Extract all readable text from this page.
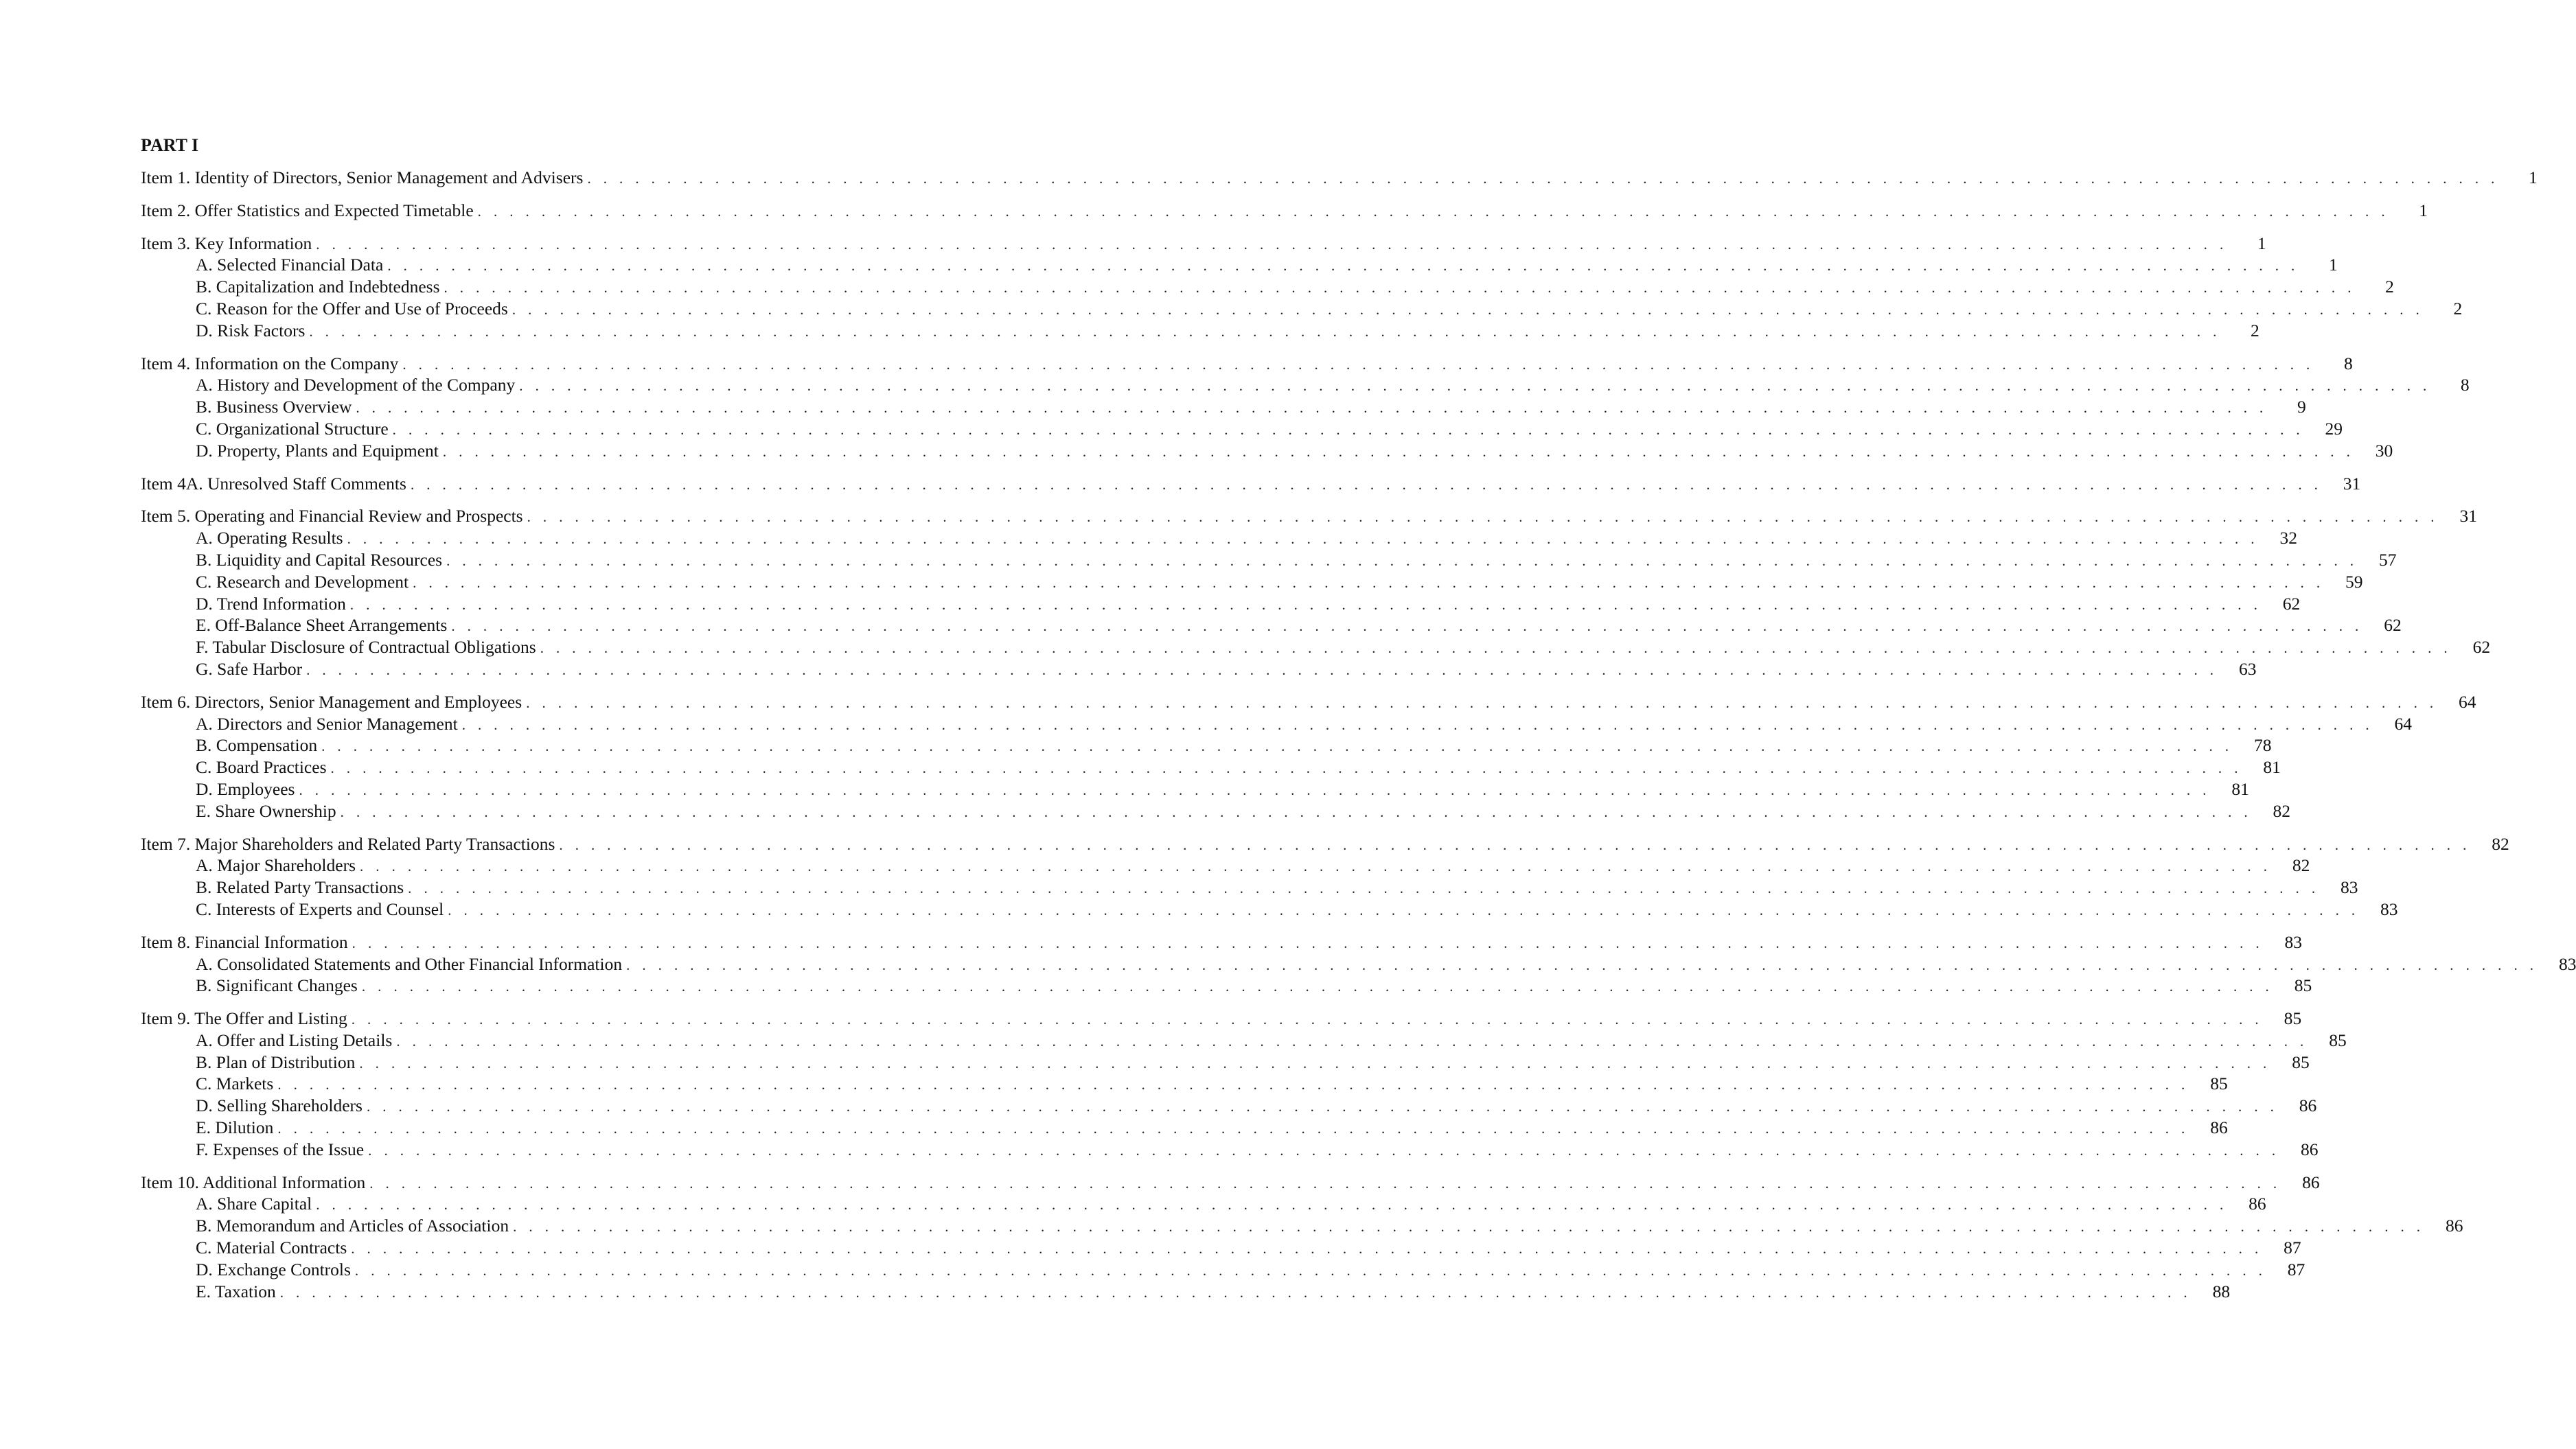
PART I
Item 1. Identity of Directors, Senior Management and Advisers . . . . . . . . . . . . . . . . . . . . . . . . . . . . . . . . . . . . . . . . . . . . . . . . . . . . . . . . . . . . . . . . . . . . . . . . . . . . . . . . . . . . . . . . . . . . . . . . . . . . . . . . . . . . . . . . . . . . . . . .	1
Item 2. Offer Statistics and Expected Timetable . . . . . . . . . . . . . . . . . . . . . . . . . . . . . . . . . . . . . . . . . . . . . . . . . . . . . . . . . . . . . . . . . . . . . . . . . . . . . . . . . . . . . . . . . . . . . . . . . . . . . . . . . . . . . . . . . . . . . . . .	1
Item 3. Key Information . . . . . . . . . . . . . . . . . . . . . . . . . . . . . . . . . . . . . . . . . . . . . . . . . . . . . . . . . . . . . . . . . . . . . . . . . . . . . . . . . . . . . . . . . . . . . . . . . . . . . . . . . . . . . . . . . . . . . . . .	1
A. Selected Financial Data . . . . . . . . . . . . . . . . . . . . . . . . . . . . . . . . . . . . . . . . . . . . . . . . . . . . . . . . . . . . . . . . . . . . . . . . . . . . . . . . . . . . . . . . . . . . . . . . . . . . . . . . . . . . . . . . . . . . . . . .	1
B. Capitalization and Indebtedness . . . . . . . . . . . . . . . . . . . . . . . . . . . . . . . . . . . . . . . . . . . . . . . . . . . . . . . . . . . . . . . . . . . . . . . . . . . . . . . . . . . . . . . . . . . . . . . . . . . . . . . . . . . . . . . . . . . . . . . .	2
C. Reason for the Offer and Use of Proceeds . . . . . . . . . . . . . . . . . . . . . . . . . . . . . . . . . . . . . . . . . . . . . . . . . . . . . . . . . . . . . . . . . . . . . . . . . . . . . . . . . . . . . . . . . . . . . . . . . . . . . . . . . . . . . . . . . . . . . . . .	2
D. Risk Factors . . . . . . . . . . . . . . . . . . . . . . . . . . . . . . . . . . . . . . . . . . . . . . . . . . . . . . . . . . . . . . . . . . . . . . . . . . . . . . . . . . . . . . . . . . . . . . . . . . . . . . . . . . . . . . . . . . . . . . . .	2
Item 4. Information on the Company . . . . . . . . . . . . . . . . . . . . . . . . . . . . . . . . . . . . . . . . . . . . . . . . . . . . . . . . . . . . . . . . . . . . . . . . . . . . . . . . . . . . . . . . . . . . . . . . . . . . . . . . . . . . . . . . . . . . . . . .	8
A. History and Development of the Company . . . . . . . . . . . . . . . . . . . . . . . . . . . . . . . . . . . . . . . . . . . . . . . . . . . . . . . . . . . . . . . . . . . . . . . . . . . . . . . . . . . . . . . . . . . . . . . . . . . . . . . . . . . . . . . . . . . . . . . .	8
B. Business Overview . . . . . . . . . . . . . . . . . . . . . . . . . . . . . . . . . . . . . . . . . . . . . . . . . . . . . . . . . . . . . . . . . . . . . . . . . . . . . . . . . . . . . . . . . . . . . . . . . . . . . . . . . . . . . . . . . . . . . . . .	9
C. Organizational Structure . . . . . . . . . . . . . . . . . . . . . . . . . . . . . . . . . . . . . . . . . . . . . . . . . . . . . . . . . . . . . . . . . . . . . . . . . . . . . . . . . . . . . . . . . . . . . . . . . . . . . . . . . . . . . . . . . . . . . . . .	29
D. Property, Plants and Equipment . . . . . . . . . . . . . . . . . . . . . . . . . . . . . . . . . . . . . . . . . . . . . . . . . . . . . . . . . . . . . . . . . . . . . . . . . . . . . . . . . . . . . . . . . . . . . . . . . . . . . . . . . . . . . . . . . . . . . . . .	30
Item 4A. Unresolved Staff Comments . . . . . . . . . . . . . . . . . . . . . . . . . . . . . . . . . . . . . . . . . . . . . . . . . . . . . . . . . . . . . . . . . . . . . . . . . . . . . . . . . . . . . . . . . . . . . . . . . . . . . . . . . . . . . . . . . . . . . . . .	31
Item 5. Operating and Financial Review and Prospects . . . . . . . . . . . . . . . . . . . . . . . . . . . . . . . . . . . . . . . . . . . . . . . . . . . . . . . . . . . . . . . . . . . . . . . . . . . . . . . . . . . . . . . . . . . . . . . . . . . . . . . . . . . . . . . . . . . . . . . .	31
A. Operating Results . . . . . . . . . . . . . . . . . . . . . . . . . . . . . . . . . . . . . . . . . . . . . . . . . . . . . . . . . . . . . . . . . . . . . . . . . . . . . . . . . . . . . . . . . . . . . . . . . . . . . . . . . . . . . . . . . . . . . . . .	32
B. Liquidity and Capital Resources . . . . . . . . . . . . . . . . . . . . . . . . . . . . . . . . . . . . . . . . . . . . . . . . . . . . . . . . . . . . . . . . . . . . . . . . . . . . . . . . . . . . . . . . . . . . . . . . . . . . . . . . . . . . . . . . . . . . . . . .	57
C. Research and Development . . . . . . . . . . . . . . . . . . . . . . . . . . . . . . . . . . . . . . . . . . . . . . . . . . . . . . . . . . . . . . . . . . . . . . . . . . . . . . . . . . . . . . . . . . . . . . . . . . . . . . . . . . . . . . . . . . . . . . . .	59
D. Trend Information . . . . . . . . . . . . . . . . . . . . . . . . . . . . . . . . . . . . . . . . . . . . . . . . . . . . . . . . . . . . . . . . . . . . . . . . . . . . . . . . . . . . . . . . . . . . . . . . . . . . . . . . . . . . . . . . . . . . . . . .	62
E. Off-Balance Sheet Arrangements . . . . . . . . . . . . . . . . . . . . . . . . . . . . . . . . . . . . . . . . . . . . . . . . . . . . . . . . . . . . . . . . . . . . . . . . . . . . . . . . . . . . . . . . . . . . . . . . . . . . . . . . . . . . . . . . . . . . . . . .	62
F. Tabular Disclosure of Contractual Obligations . . . . . . . . . . . . . . . . . . . . . . . . . . . . . . . . . . . . . . . . . . . . . . . . . . . . . . . . . . . . . . . . . . . . . . . . . . . . . . . . . . . . . . . . . . . . . . . . . . . . . . . . . . . . . . . . . . . . . . . .	62
G. Safe Harbor . . . . . . . . . . . . . . . . . . . . . . . . . . . . . . . . . . . . . . . . . . . . . . . . . . . . . . . . . . . . . . . . . . . . . . . . . . . . . . . . . . . . . . . . . . . . . . . . . . . . . . . . . . . . . . . . . . . . . . . .	63
Item 6. Directors, Senior Management and Employees . . . . . . . . . . . . . . . . . . . . . . . . . . . . . . . . . . . . . . . . . . . . . . . . . . . . . . . . . . . . . . . . . . . . . . . . . . . . . . . . . . . . . . . . . . . . . . . . . . . . . . . . . . . . . . . . . . . . . . . .	64
A. Directors and Senior Management . . . . . . . . . . . . . . . . . . . . . . . . . . . . . . . . . . . . . . . . . . . . . . . . . . . . . . . . . . . . . . . . . . . . . . . . . . . . . . . . . . . . . . . . . . . . . . . . . . . . . . . . . . . . . . . . . . . . . . . .	64
B. Compensation . . . . . . . . . . . . . . . . . . . . . . . . . . . . . . . . . . . . . . . . . . . . . . . . . . . . . . . . . . . . . . . . . . . . . . . . . . . . . . . . . . . . . . . . . . . . . . . . . . . . . . . . . . . . . . . . . . . . . . . .	78
C. Board Practices . . . . . . . . . . . . . . . . . . . . . . . . . . . . . . . . . . . . . . . . . . . . . . . . . . . . . . . . . . . . . . . . . . . . . . . . . . . . . . . . . . . . . . . . . . . . . . . . . . . . . . . . . . . . . . . . . . . . . . . .	81
D. Employees . . . . . . . . . . . . . . . . . . . . . . . . . . . . . . . . . . . . . . . . . . . . . . . . . . . . . . . . . . . . . . . . . . . . . . . . . . . . . . . . . . . . . . . . . . . . . . . . . . . . . . . . . . . . . . . . . . . . . . . .	81
E. Share Ownership . . . . . . . . . . . . . . . . . . . . . . . . . . . . . . . . . . . . . . . . . . . . . . . . . . . . . . . . . . . . . . . . . . . . . . . . . . . . . . . . . . . . . . . . . . . . . . . . . . . . . . . . . . . . . . . . . . . . . . . .	82
Item 7. Major Shareholders and Related Party Transactions . . . . . . . . . . . . . . . . . . . . . . . . . . . . . . . . . . . . . . . . . . . . . . . . . . . . . . . . . . . . . . . . . . . . . . . . . . . . . . . . . . . . . . . . . . . . . . . . . . . . . . . . . . . . . . . . . . . . . . . .	82
A. Major Shareholders . . . . . . . . . . . . . . . . . . . . . . . . . . . . . . . . . . . . . . . . . . . . . . . . . . . . . . . . . . . . . . . . . . . . . . . . . . . . . . . . . . . . . . . . . . . . . . . . . . . . . . . . . . . . . . . . . . . . . . . .	82
B. Related Party Transactions . . . . . . . . . . . . . . . . . . . . . . . . . . . . . . . . . . . . . . . . . . . . . . . . . . . . . . . . . . . . . . . . . . . . . . . . . . . . . . . . . . . . . . . . . . . . . . . . . . . . . . . . . . . . . . . . . . . . . . . .	83
C. Interests of Experts and Counsel . . . . . . . . . . . . . . . . . . . . . . . . . . . . . . . . . . . . . . . . . . . . . . . . . . . . . . . . . . . . . . . . . . . . . . . . . . . . . . . . . . . . . . . . . . . . . . . . . . . . . . . . . . . . . . . . . . . . . . . .	83
Item 8. Financial Information . . . . . . . . . . . . . . . . . . . . . . . . . . . . . . . . . . . . . . . . . . . . . . . . . . . . . . . . . . . . . . . . . . . . . . . . . . . . . . . . . . . . . . . . . . . . . . . . . . . . . . . . . . . . . . . . . . . . . . . .	83
A. Consolidated Statements and Other Financial Information . . . . . . . . . . . . . . . . . . . . . . . . . . . . . . . . . . . . . . . . . . . . . . . . . . . . . . . . . . . . . . . . . . . . . . . . . . . . . . . . . . . . . . . . . . . . . . . . . . . . . . . . . . . . . . . . . . . . . . . .	83
B. Significant Changes . . . . . . . . . . . . . . . . . . . . . . . . . . . . . . . . . . . . . . . . . . . . . . . . . . . . . . . . . . . . . . . . . . . . . . . . . . . . . . . . . . . . . . . . . . . . . . . . . . . . . . . . . . . . . . . . . . . . . . . .	85
Item 9. The Offer and Listing . . . . . . . . . . . . . . . . . . . . . . . . . . . . . . . . . . . . . . . . . . . . . . . . . . . . . . . . . . . . . . . . . . . . . . . . . . . . . . . . . . . . . . . . . . . . . . . . . . . . . . . . . . . . . . . . . . . . . . . .	85
A. Offer and Listing Details . . . . . . . . . . . . . . . . . . . . . . . . . . . . . . . . . . . . . . . . . . . . . . . . . . . . . . . . . . . . . . . . . . . . . . . . . . . . . . . . . . . . . . . . . . . . . . . . . . . . . . . . . . . . . . . . . . . . . . . .	85
B. Plan of Distribution . . . . . . . . . . . . . . . . . . . . . . . . . . . . . . . . . . . . . . . . . . . . . . . . . . . . . . . . . . . . . . . . . . . . . . . . . . . . . . . . . . . . . . . . . . . . . . . . . . . . . . . . . . . . . . . . . . . . . . . .	85
C. Markets . . . . . . . . . . . . . . . . . . . . . . . . . . . . . . . . . . . . . . . . . . . . . . . . . . . . . . . . . . . . . . . . . . . . . . . . . . . . . . . . . . . . . . . . . . . . . . . . . . . . . . . . . . . . . . . . . . . . . . . .	85
D. Selling Shareholders . . . . . . . . . . . . . . . . . . . . . . . . . . . . . . . . . . . . . . . . . . . . . . . . . . . . . . . . . . . . . . . . . . . . . . . . . . . . . . . . . . . . . . . . . . . . . . . . . . . . . . . . . . . . . . . . . . . . . . . .	86
E. Dilution . . . . . . . . . . . . . . . . . . . . . . . . . . . . . . . . . . . . . . . . . . . . . . . . . . . . . . . . . . . . . . . . . . . . . . . . . . . . . . . . . . . . . . . . . . . . . . . . . . . . . . . . . . . . . . . . . . . . . . . .	86
F. Expenses of the Issue . . . . . . . . . . . . . . . . . . . . . . . . . . . . . . . . . . . . . . . . . . . . . . . . . . . . . . . . . . . . . . . . . . . . . . . . . . . . . . . . . . . . . . . . . . . . . . . . . . . . . . . . . . . . . . . . . . . . . . . .	86
Item 10. Additional Information . . . . . . . . . . . . . . . . . . . . . . . . . . . . . . . . . . . . . . . . . . . . . . . . . . . . . . . . . . . . . . . . . . . . . . . . . . . . . . . . . . . . . . . . . . . . . . . . . . . . . . . . . . . . . . . . . . . . . . . .	86
A. Share Capital . . . . . . . . . . . . . . . . . . . . . . . . . . . . . . . . . . . . . . . . . . . . . . . . . . . . . . . . . . . . . . . . . . . . . . . . . . . . . . . . . . . . . . . . . . . . . . . . . . . . . . . . . . . . . . . . . . . . . . . .	86
B. Memorandum and Articles of Association . . . . . . . . . . . . . . . . . . . . . . . . . . . . . . . . . . . . . . . . . . . . . . . . . . . . . . . . . . . . . . . . . . . . . . . . . . . . . . . . . . . . . . . . . . . . . . . . . . . . . . . . . . . . . . . . . . . . . . . .	86
C. Material Contracts . . . . . . . . . . . . . . . . . . . . . . . . . . . . . . . . . . . . . . . . . . . . . . . . . . . . . . . . . . . . . . . . . . . . . . . . . . . . . . . . . . . . . . . . . . . . . . . . . . . . . . . . . . . . . . . . . . . . . . . .	87
D. Exchange Controls . . . . . . . . . . . . . . . . . . . . . . . . . . . . . . . . . . . . . . . . . . . . . . . . . . . . . . . . . . . . . . . . . . . . . . . . . . . . . . . . . . . . . . . . . . . . . . . . . . . . . . . . . . . . . . . . . . . . . . . .	87
E. Taxation . . . . . . . . . . . . . . . . . . . . . . . . . . . . . . . . . . . . . . . . . . . . . . . . . . . . . . . . . . . . . . . . . . . . . . . . . . . . . . . . . . . . . . . . . . . . . . . . . . . . . . . . . . . . . . . . . . . . . . . .	88
